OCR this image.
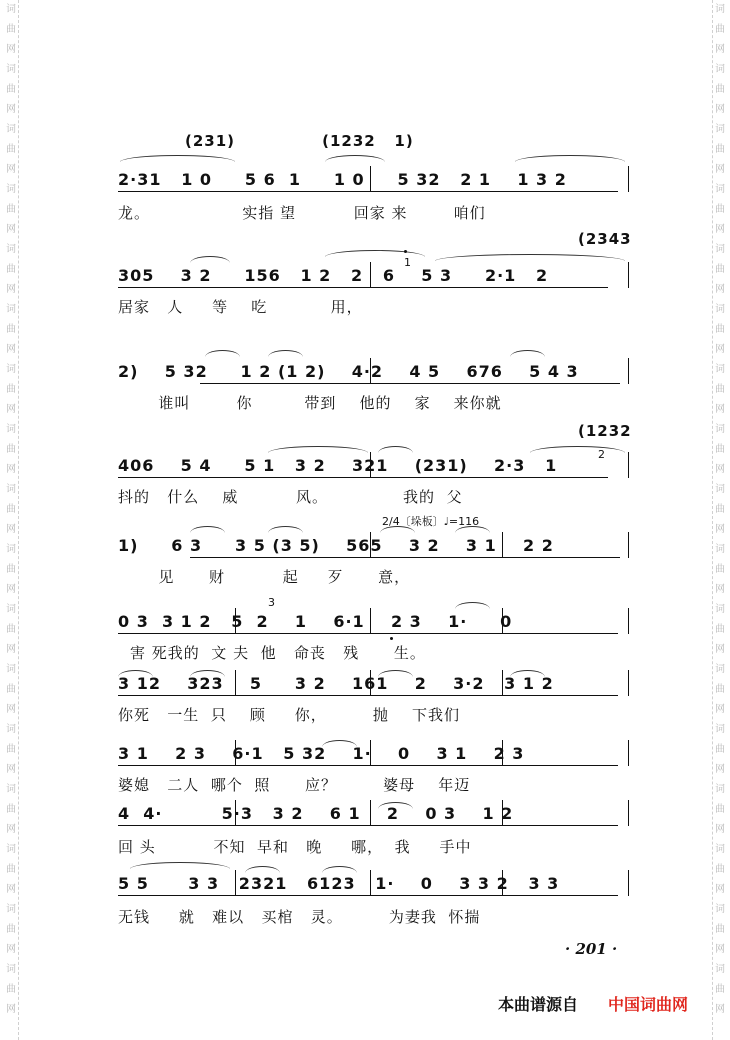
词
曲
网
词
曲
网
词
曲
网
词
曲
网
词
曲
网
词
曲
网
词
曲
网
词
曲
网
词
曲
网
词
曲
网
词
曲
网
词
曲
网
词
曲
网
词
曲
网
词
曲
网
词
曲
网
词
曲
网

词
曲
网
词
曲
网
词
曲
网
词
曲
网
词
曲
网
词
曲
网
词
曲
网
词
曲
网
词
曲
网
词
曲
网
词
曲
网
词
曲
网
词
曲
网
词
曲
网
词
曲
网
词
曲
网
词
曲
网

(231)              (1232   1)
2·31   1 0     5 6  1     1 0     5 32   2 1    1 3 2
龙。                实指 望          回家 来        咱们
(2343
1
305    3 2     156   1 2   2   6    5 3     2·1   2
居家   人     等    吃           用，
2)    5 32     1 2 (1 2)    4·2    4 5    676    5 4 3
谁叫        你         带到    他的    家    来你就
(1232
2
406    5 4     5 1   3 2    321    (231)    2·3   1
抖的   什么    威          风。             我的  父
2/4〔垛板〕♩=116
1)     6 3     3 5 (3 5)    565    3 2    3 1    2 2
见      财          起     歹      意，
3
0 3  3 1 2   5  2    1    6·1    2 3    1·     0
害 死我的  文 夫  他   命丧   残      生。
3 12    323    5     3 2    161    2    3·2   3 1 2
你死   一生  只    顾     你，        抛    下我们
3 1    2 3    6·1   5 32    1·    0    3 1    2 3
婆媳   二人  哪个  照      应？        婆母    年迈
4  4·         5·3   3 2    6 1    2    0 3    1 2
回 头          不知  早和   晚     哪，  我     手中
5 5      3 3   2321   6123   1·    0    3 3 2   3 3
无钱     就   难以   买棺   灵。        为妻我  怀揣
· 201 ·
本曲谱源自 中国词曲网
